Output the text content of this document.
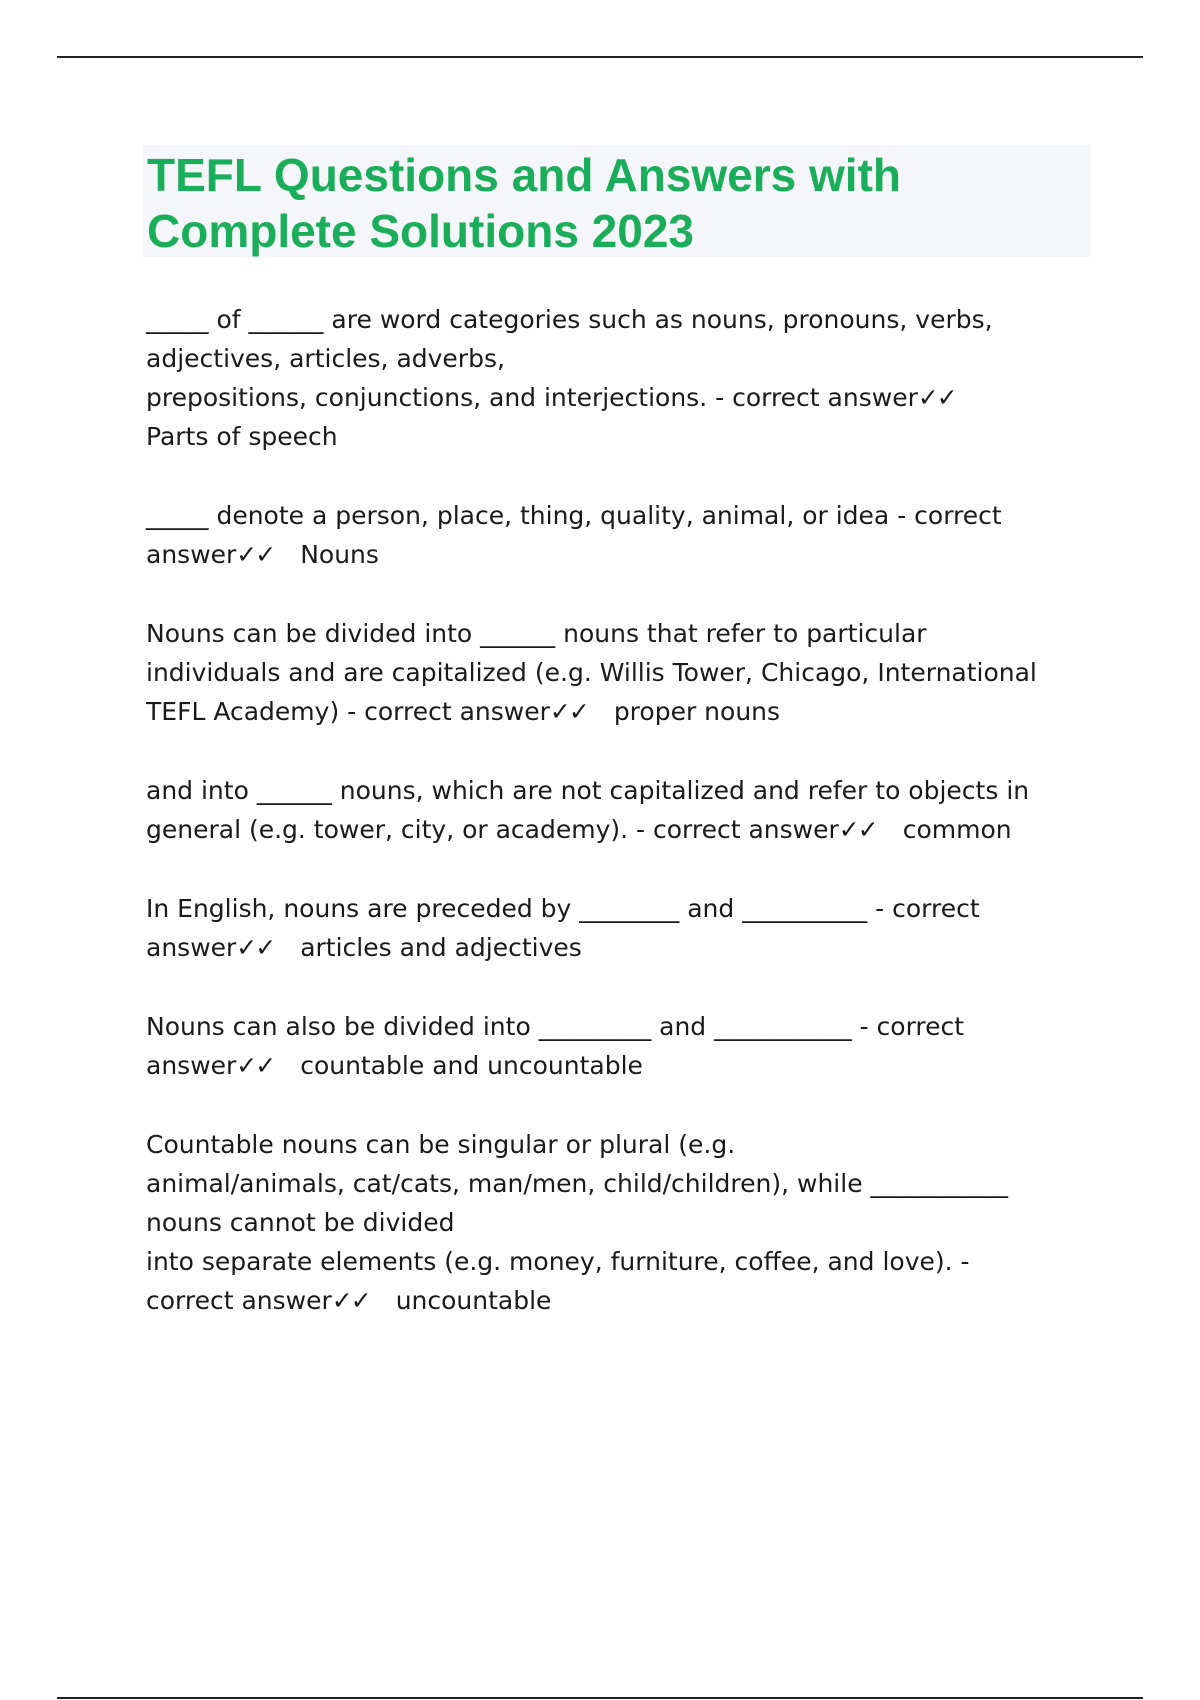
TEFL Questions and Answers with
Complete Solutions 2023

_____ of ______ are word categories such as nouns, pronouns, verbs,

adjectives, articles, adverbs,

prepositions, conjunctions, and interjections. - correct answer✓✓

Parts of speech

_____ denote a person, place, thing, quality, animal, or idea - correct

answer✓✓ Nouns

Nouns can be divided into ______ nouns that refer to particular

individuals and are capitalized (e.g. Willis Tower, Chicago, International

TEFL Academy) - correct answer✓✓ proper nouns

and into ______ nouns, which are not capitalized and refer to objects in

general (e.g. tower, city, or academy). - correct answer✓✓ common

In English, nouns are preceded by ________ and __________ - correct

answer✓✓ articles and adjectives

Nouns can also be divided into _________ and ___________ - correct

answer✓✓ countable and uncountable

Countable nouns can be singular or plural (e.g.

animal/animals, cat/cats, man/men, child/children), while ___________

nouns cannot be divided

into separate elements (e.g. money, furniture, coffee, and love). -

correct answer✓✓ uncountable
